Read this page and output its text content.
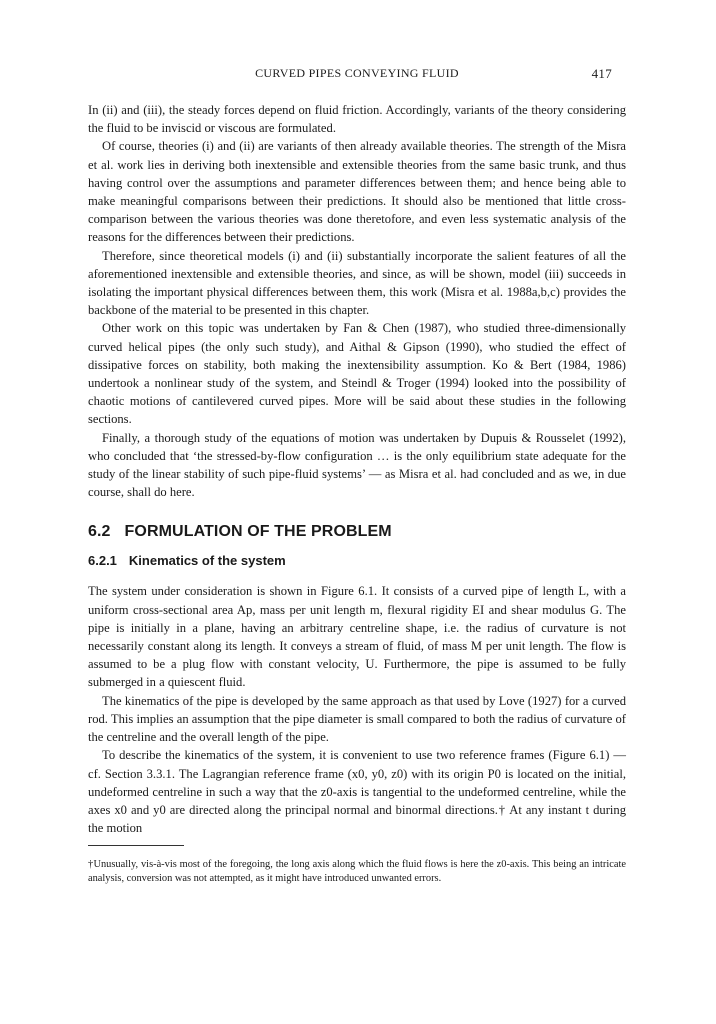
CURVED PIPES CONVEYING FLUID	417

In (ii) and (iii), the steady forces depend on fluid friction. Accordingly, variants of the theory considering the fluid to be inviscid or viscous are formulated.

Of course, theories (i) and (ii) are variants of then already available theories. The strength of the Misra et al. work lies in deriving both inextensible and extensible theories from the same basic trunk, and thus having control over the assumptions and parameter differences between them; and hence being able to make meaningful comparisons between their predictions. It should also be mentioned that little cross-comparison between the various theories was done theretofore, and even less systematic analysis of the reasons for the differences between their predictions.

Therefore, since theoretical models (i) and (ii) substantially incorporate the salient features of all the aforementioned inextensible and extensible theories, and since, as will be shown, model (iii) succeeds in isolating the important physical differences between them, this work (Misra et al. 1988a,b,c) provides the backbone of the material to be presented in this chapter.

Other work on this topic was undertaken by Fan & Chen (1987), who studied three-dimensionally curved helical pipes (the only such study), and Aithal & Gipson (1990), who studied the effect of dissipative forces on stability, both making the inextensibility assumption. Ko & Bert (1984, 1986) undertook a nonlinear study of the system, and Steindl & Troger (1994) looked into the possibility of chaotic motions of cantilevered curved pipes. More will be said about these studies in the following sections.

Finally, a thorough study of the equations of motion was undertaken by Dupuis & Rousselet (1992), who concluded that ‘the stressed-by-flow configuration … is the only equilibrium state adequate for the study of the linear stability of such pipe-fluid systems’ — as Misra et al. had concluded and as we, in due course, shall do here.

6.2 FORMULATION OF THE PROBLEM
6.2.1 Kinematics of the system

The system under consideration is shown in Figure 6.1. It consists of a curved pipe of length L, with a uniform cross-sectional area Ap, mass per unit length m, flexural rigidity EI and shear modulus G. The pipe is initially in a plane, having an arbitrary centreline shape, i.e. the radius of curvature is not necessarily constant along its length. It conveys a stream of fluid, of mass M per unit length. The flow is assumed to be a plug flow with constant velocity, U. Furthermore, the pipe is assumed to be fully submerged in a quiescent fluid.

The kinematics of the pipe is developed by the same approach as that used by Love (1927) for a curved rod. This implies an assumption that the pipe diameter is small compared to both the radius of curvature of the centreline and the overall length of the pipe.

To describe the kinematics of the system, it is convenient to use two reference frames (Figure 6.1) — cf. Section 3.3.1. The Lagrangian reference frame (x0, y0, z0) with its origin P0 is located on the initial, undeformed centreline in such a way that the z0-axis is tangential to the undeformed centreline, while the axes x0 and y0 are directed along the principal normal and binormal directions.† At any instant t during the motion

†Unusually, vis-à-vis most of the foregoing, the long axis along which the fluid flows is here the z0-axis. This being an intricate analysis, conversion was not attempted, as it might have introduced unwanted errors.
